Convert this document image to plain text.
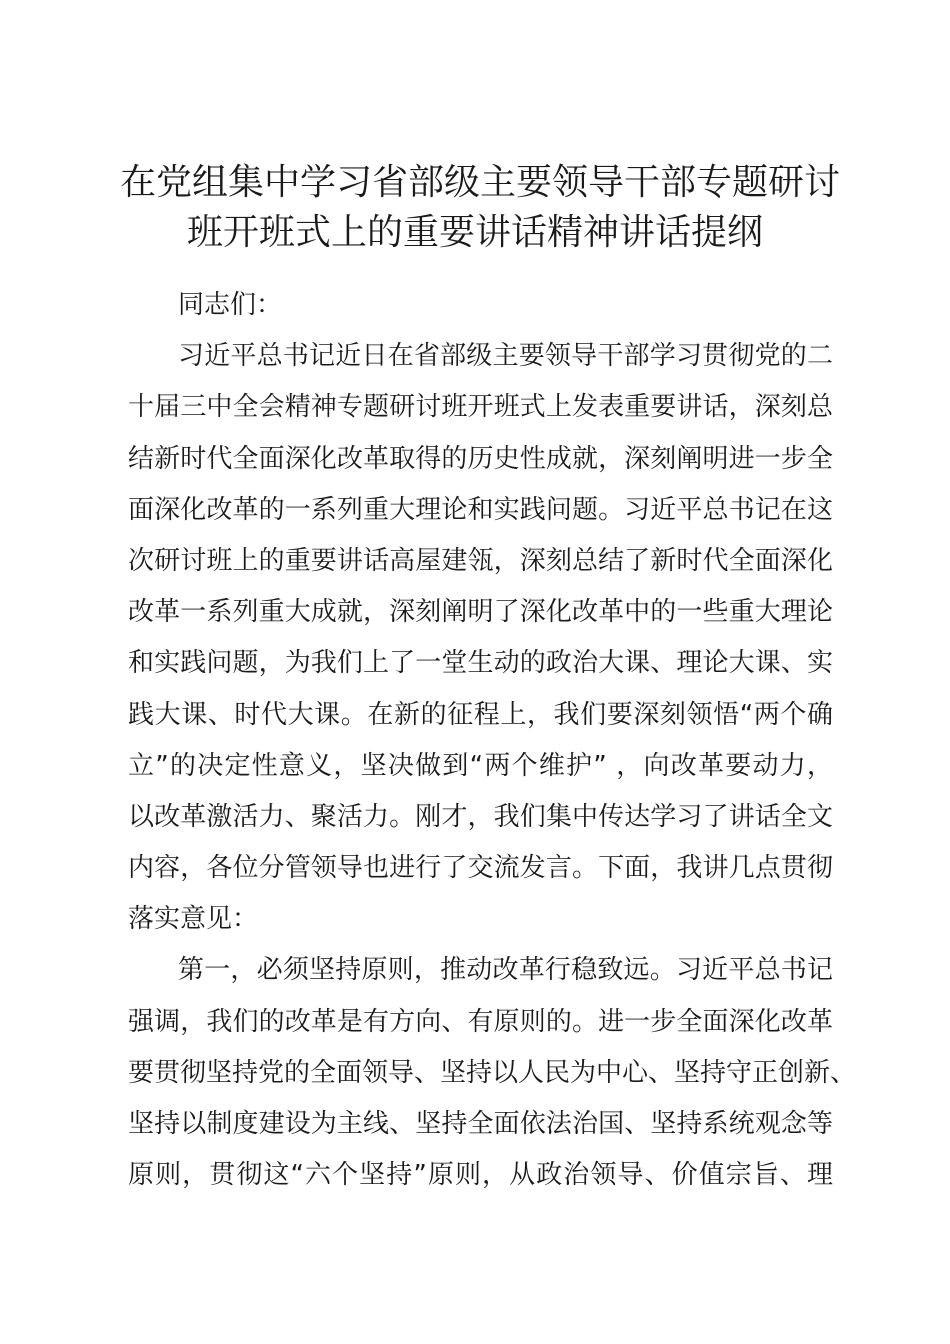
在党组集中学习省部级主要领导干部专题研讨
班开班式上的重要讲话精神讲话提纲
同志们：
习近平总书记近日在省部级主要领导干部学习贯彻党的二
十届三中全会精神专题研讨班开班式上发表重要讲话，深刻总
结新时代全面深化改革取得的历史性成就，深刻阐明进一步全
面深化改革的一系列重大理论和实践问题。习近平总书记在这
次研讨班上的重要讲话高屋建瓴，深刻总结了新时代全面深化
改革一系列重大成就，深刻阐明了深化改革中的一些重大理论
和实践问题，为我们上了一堂生动的政治大课、理论大课、实
践大课、时代大课。在新的征程上，我们要深刻领悟“两个确
立”的决定性意义，坚决做到“两个维护” ，向改革要动力，
以改革激活力、聚活力。刚才，我们集中传达学习了讲话全文
内容，各位分管领导也进行了交流发言。下面，我讲几点贯彻
落实意见：
第一，必须坚持原则，推动改革行稳致远。习近平总书记
强调，我们的改革是有方向、有原则的。进一步全面深化改革
要贯彻坚持党的全面领导、坚持以人民为中心、坚持守正创新、
坚持以制度建设为主线、坚持全面依法治国、坚持系统观念等
原则，贯彻这“六个坚持”原则，从政治领导、价值宗旨、理
